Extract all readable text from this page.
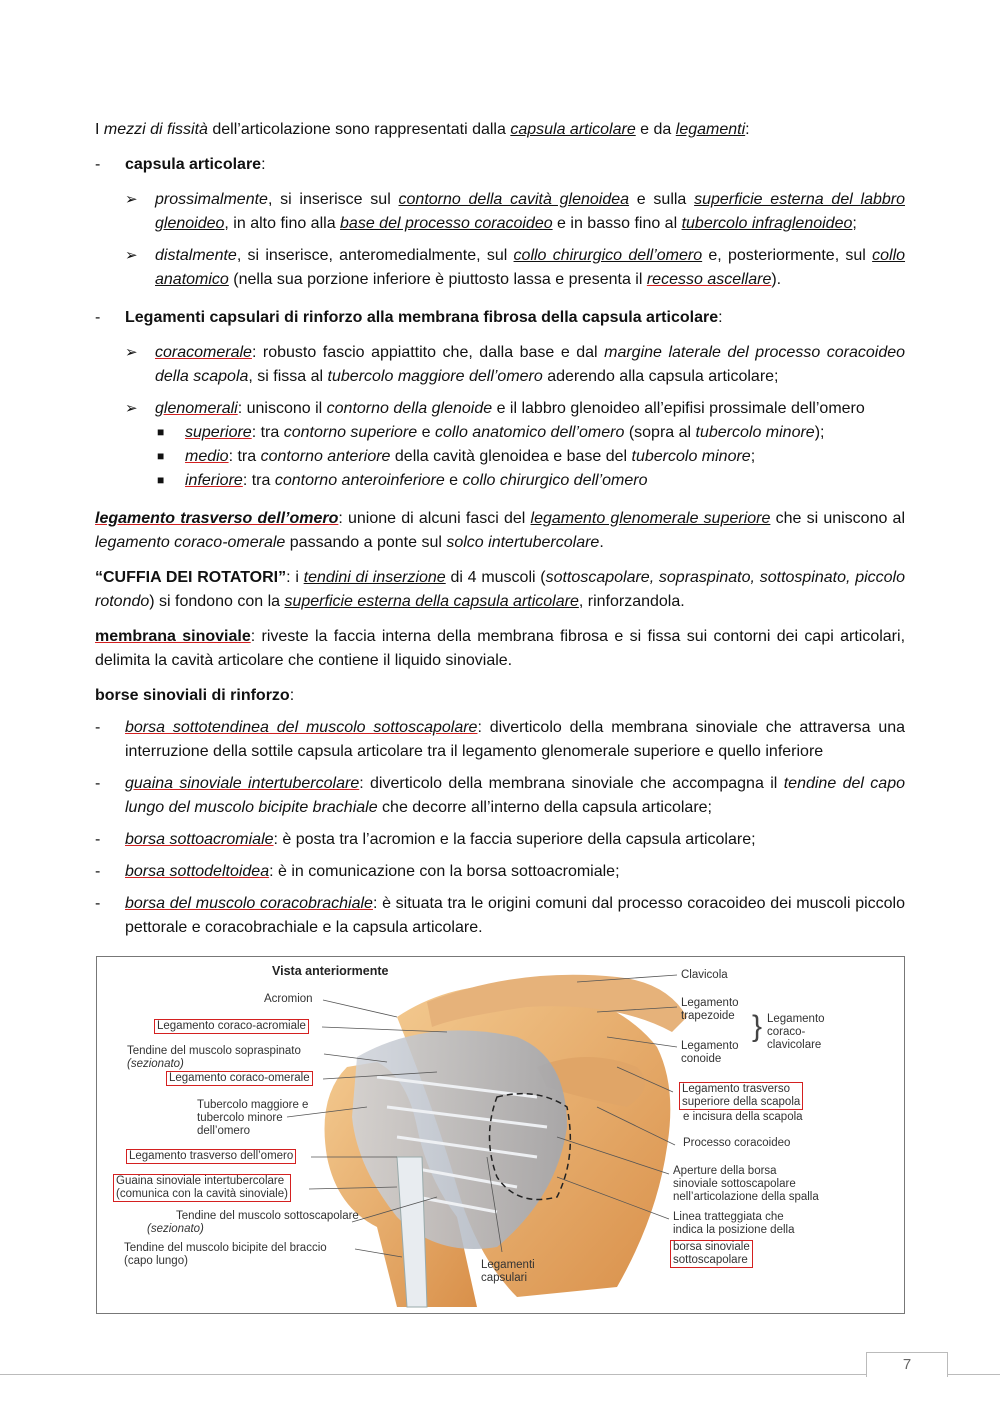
I mezzi di fissità dell’articolazione sono rappresentati dalla capsula articolare e da legamenti:

- capsula articolare:
➢ prossimalmente, si inserisce sul contorno della cavità glenoidea e sulla superficie esterna del labbro glenoideo, in alto fino alla base del processo coracoideo e in basso fino al tubercolo infraglenoideo;
➢ distalmente, si inserisce, anteromedialmente, sul collo chirurgico dell’omero e, posteriormente, sul collo anatomico (nella sua porzione inferiore è piuttosto lassa e presenta il recesso ascellare).
- Legamenti capsulari di rinforzo alla membrana fibrosa della capsula articolare:
➢ coracomerale: robusto fascio appiattito che, dalla base e dal margine laterale del processo coracoideo della scapola, si fissa al tubercolo maggiore dell’omero aderendo alla capsula articolare;
➢ glenomerali: uniscono il contorno della glenoide e il labbro glenoideo all’epifisi prossimale dell’omero
■ superiore: tra contorno superiore e collo anatomico dell’omero (sopra al tubercolo minore);
■ medio: tra contorno anteriore della cavità glenoidea e base del tubercolo minore;
■ inferiore: tra contorno anteroinferiore e collo chirurgico dell’omero

legamento trasverso dell’omero: unione di alcuni fasci del legamento glenomerale superiore che si uniscono al legamento coraco-omerale passando a ponte sul solco intertubercolare.

“CUFFIA DEI ROTATORI”: i tendini di inserzione di 4 muscoli (sottoscapolare, sopraspinato, sottospinato, piccolo rotondo) si fondono con la superficie esterna della capsula articolare, rinforzandola.

membrana sinoviale: riveste la faccia interna della membrana fibrosa e si fissa sui contorni dei capi articolari, delimita la cavità articolare che contiene il liquido sinoviale.

borse sinoviali di rinforzo:

- borsa sottotendinea del muscolo sottoscapolare: diverticolo della membrana sinoviale che attraversa una interruzione della sottile capsula articolare tra il legamento glenomerale superiore e quello inferiore
- guaina sinoviale intertubercolare: diverticolo della membrana sinoviale che accompagna il tendine del capo lungo del muscolo bicipite brachiale che decorre all’interno della capsula articolare;
- borsa sottoacromiale: è posta tra l’acromion e la faccia superiore della capsula articolare;
- borsa sottodeltoidea: è in comunicazione con la borsa sottoacromiale;
- borsa del muscolo coracobrachiale: è situata tra le origini comuni dal processo coracoideo dei muscoli piccolo pettorale e coracobrachiale e la capsula articolare.
Vista anteriormente
Acromion
Legamento coraco-acromiale
Tendine del muscolo sopraspinato
(sezionato)
Legamento coraco-omerale
Tubercolo maggiore e
tubercolo minore
dell’omero
Legamento trasverso dell’omero
Guaina sinoviale intertubercolare
(comunica con la cavità sinoviale)
Tendine del muscolo sottoscapolare
(sezionato)
Tendine del muscolo bicipite del braccio
(capo lungo)	Legamenti
capsulari
Clavicola
Legamento
trapezoide
Legamento
conoide
} Legamento
coraco-
clavicolare
Legamento trasverso
superiore della scapola
e incisura della scapola
Processo coracoideo
Aperture della borsa
sinoviale sottoscapolare
nell’articolazione della spalla
Linea tratteggiata che
indica la posizione della
borsa sinoviale
sottoscapolare
7
